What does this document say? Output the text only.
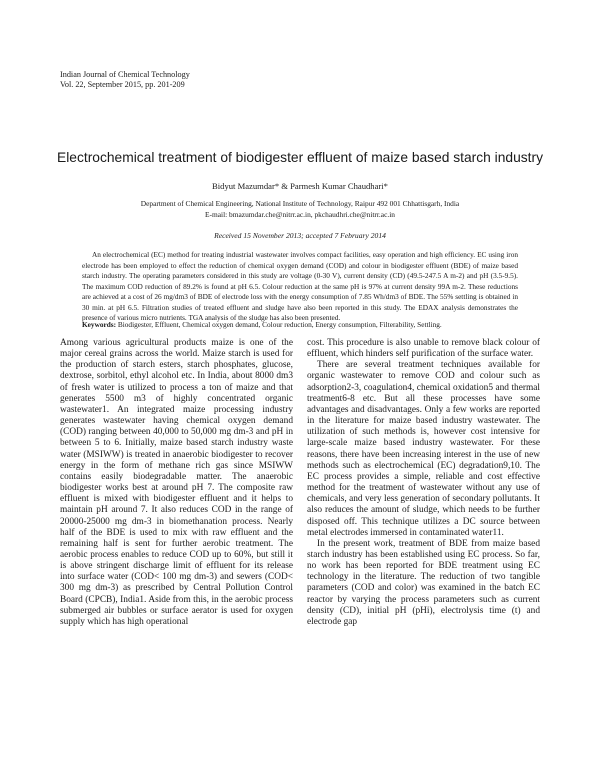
Indian Journal of Chemical Technology
Vol. 22, September 2015, pp. 201-209
Electrochemical treatment of biodigester effluent of maize based starch industry
Bidyut Mazumdar* & Parmesh Kumar Chaudhari*
Department of Chemical Engineering, National Institute of Technology, Raipur 492 001 Chhattisgarh, India
E-mail: bmazumdar.che@nitrr.ac.in, pkchaudhri.che@nitrr.ac.in
Received 15 November 2013; accepted 7 February 2014
An electrochemical (EC) method for treating industrial wastewater involves compact facilities, easy operation and high efficiency. EC using iron electrode has been employed to effect the reduction of chemical oxygen demand (COD) and colour in biodigester effluent (BDE) of maize based starch industry. The operating parameters considered in this study are voltage (0-30 V), current density (CD) (49.5-247.5 A m-2) and pH (3.5-9.5). The maximum COD reduction of 89.2% is found at pH 6.5. Colour reduction at the same pH is 97% at current density 99A m-2. These reductions are achieved at a cost of 26 mg/dm3 of BDE of electrode loss with the energy consumption of 7.85 Wh/dm3 of BDE. The 55% settling is obtained in 30 min. at pH 6.5. Filtration studies of treated effluent and sludge have also been reported in this study. The EDAX analysis demonstrates the presence of various micro nutrients. TGA analysis of the sludge has also been presented.
Keywords: Biodigester, Effluent, Chemical oxygen demand, Colour reduction, Energy consumption, Filterability, Settling.

Among various agricultural products maize is one of the major cereal grains across the world. Maize starch is used for the production of starch esters, starch phosphates, glucose, dextrose, sorbitol, ethyl alcohol etc. In India, about 8000 dm3 of fresh water is utilized to process a ton of maize and that generates 5500 m3 of highly concentrated organic wastewater1. An integrated maize processing industry generates wastewater having chemical oxygen demand (COD) ranging between 40,000 to 50,000 mg dm-3 and pH in between 5 to 6. Initially, maize based starch industry waste water (MSIWW) is treated in anaerobic biodigester to recover energy in the form of methane rich gas since MSIWW contains easily biodegradable matter. The anaerobic biodigester works best at around pH 7. The composite raw effluent is mixed with biodigester effluent and it helps to maintain pH around 7. It also reduces COD in the range of 20000-25000 mg dm-3 in biomethanation process. Nearly half of the BDE is used to mix with raw effluent and the remaining half is sent for further aerobic treatment. The aerobic process enables to reduce COD up to 60%, but still it is above stringent discharge limit of effluent for its release into surface water (COD< 100 mg dm-3) and sewers (COD< 300 mg dm-3) as prescribed by Central Pollution Control Board (CPCB), India1. Aside from this, in the aerobic process submerged air bubbles or surface aerator is used for oxygen supply which has high operational

cost. This procedure is also unable to remove black colour of effluent, which hinders self purification of the surface water.

There are several treatment techniques available for organic wastewater to remove COD and colour such as adsorption2-3, coagulation4, chemical oxidation5 and thermal treatment6-8 etc. But all these processes have some advantages and disadvantages. Only a few works are reported in the literature for maize based industry wastewater. The utilization of such methods is, however cost intensive for large-scale maize based industry wastewater. For these reasons, there have been increasing interest in the use of new methods such as electrochemical (EC) degradation9,10. The EC process provides a simple, reliable and cost effective method for the treatment of wastewater without any use of chemicals, and very less generation of secondary pollutants. It also reduces the amount of sludge, which needs to be further disposed off. This technique utilizes a DC source between metal electrodes immersed in contaminated water11.

In the present work, treatment of BDE from maize based starch industry has been established using EC process. So far, no work has been reported for BDE treatment using EC technology in the literature. The reduction of two tangible parameters (COD and color) was examined in the batch EC reactor by varying the process parameters such as current density (CD), initial pH (pHi), electrolysis time (t) and electrode gap
